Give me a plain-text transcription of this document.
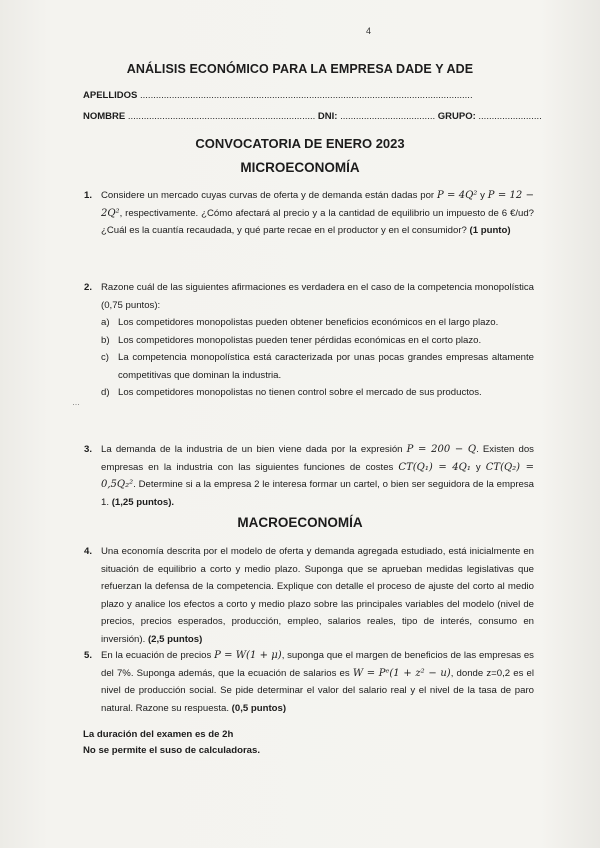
4
…
ANÁLISIS ECONÓMICO PARA LA EMPRESA DADE Y ADE
APELLIDOS ..............................................................................................................................
NOMBRE ....................................................................... DNI: .................................... GRUPO: ........................
CONVOCATORIA DE ENERO 2023
MICROECONOMÍA
1. Considere un mercado cuyas curvas de oferta y de demanda están dadas por P = 4Q² y P = 12 − 2Q², respectivamente. ¿Cómo afectará al precio y a la cantidad de equilibrio un impuesto de 6 €/ud? ¿Cuál es la cuantía recaudada, y qué parte recae en el productor y en el consumidor? (1 punto)
2. Razone cuál de las siguientes afirmaciones es verdadera en el caso de la competencia monopolística (0,75 puntos):
a) Los competidores monopolistas pueden obtener beneficios económicos en el largo plazo.
b) Los competidores monopolistas pueden tener pérdidas económicas en el corto plazo.
c) La competencia monopolística está caracterizada por unas pocas grandes empresas altamente competitivas que dominan la industria.
d) Los competidores monopolistas no tienen control sobre el mercado de sus productos.
3. La demanda de la industria de un bien viene dada por la expresión P = 200 − Q. Existen dos empresas en la industria con las siguientes funciones de costes CT(Q₁) = 4Q₁ y CT(Q₂) = 0,5Q₂². Determine si a la empresa 2 le interesa formar un cartel, o bien ser seguidora de la empresa 1. (1,25 puntos).
MACROECONOMÍA
4. Una economía descrita por el modelo de oferta y demanda agregada estudiado, está inicialmente en situación de equilibrio a corto y medio plazo. Suponga que se aprueban medidas legislativas que refuerzan la defensa de la competencia. Explique con detalle el proceso de ajuste del corto al medio plazo y analice los efectos a corto y medio plazo sobre las principales variables del modelo (nivel de precios, precios esperados, producción, empleo, salarios reales, tipo de interés, consumo en inversión). (2,5 puntos)
5. En la ecuación de precios P = W(1 + μ), suponga que el margen de beneficios de las empresas es del 7%. Suponga además, que la ecuación de salarios es W = Pᵉ(1 + z² − u), donde z=0,2 es el nivel de producción social. Se pide determinar el valor del salario real y el nivel de la tasa de paro natural. Razone su respuesta. (0,5 puntos)
La duración del examen es de 2h
No se permite el suso de calculadoras.
